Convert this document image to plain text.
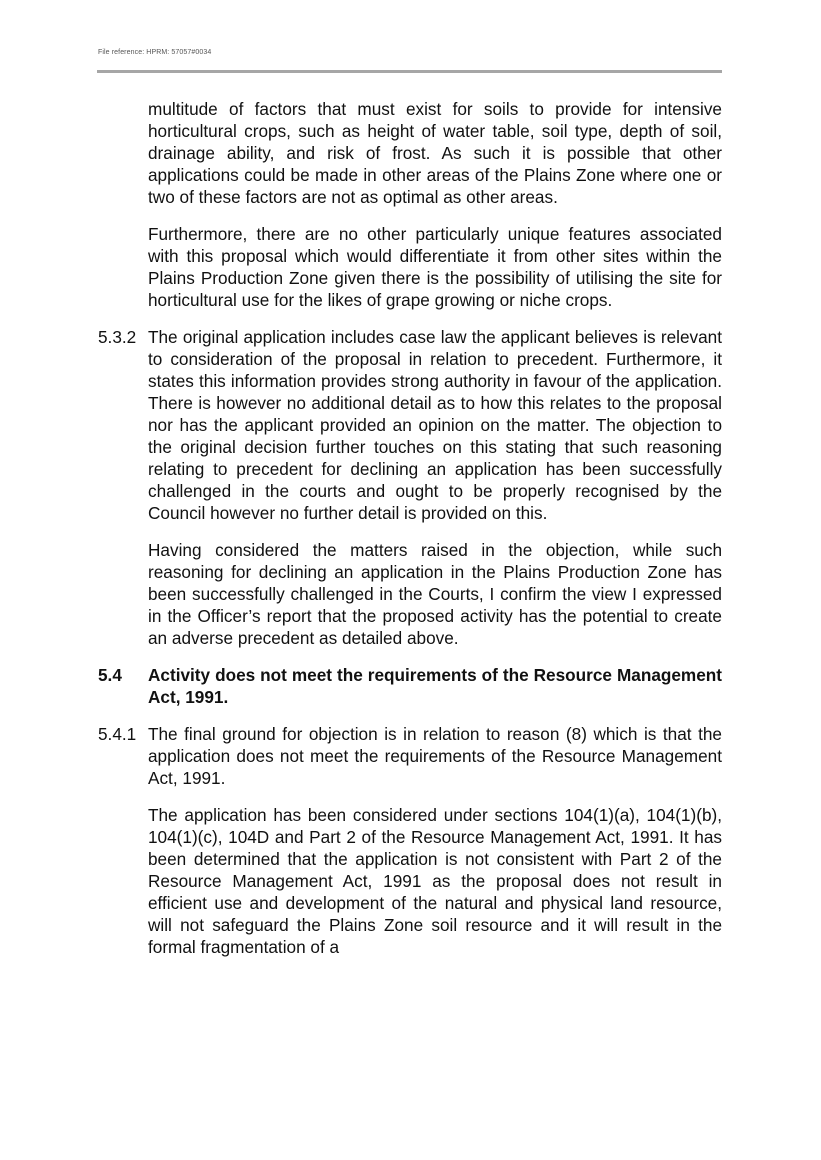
File reference: HPRM: 57057#0034

multitude of factors that must exist for soils to provide for intensive horticultural crops, such as height of water table, soil type, depth of soil, drainage ability, and risk of frost. As such it is possible that other applications could be made in other areas of the Plains Zone where one or two of these factors are not as optimal as other areas.

Furthermore, there are no other particularly unique features associated with this proposal which would differentiate it from other sites within the Plains Production Zone given there is the possibility of utilising the site for horticultural use for the likes of grape growing or niche crops.

5.3.2 The original application includes case law the applicant believes is relevant to consideration of the proposal in relation to precedent. Furthermore, it states this information provides strong authority in favour of the application. There is however no additional detail as to how this relates to the proposal nor has the applicant provided an opinion on the matter. The objection to the original decision further touches on this stating that such reasoning relating to precedent for declining an application has been successfully challenged in the courts and ought to be properly recognised by the Council however no further detail is provided on this.

Having considered the matters raised in the objection, while such reasoning for declining an application in the Plains Production Zone has been successfully challenged in the Courts, I confirm the view I expressed in the Officer’s report that the proposed activity has the potential to create an adverse precedent as detailed above.

5.4 Activity does not meet the requirements of the Resource Management Act, 1991.
5.4.1 The final ground for objection is in relation to reason (8) which is that the application does not meet the requirements of the Resource Management Act, 1991.

The application has been considered under sections 104(1)(a), 104(1)(b), 104(1)(c), 104D and Part 2 of the Resource Management Act, 1991. It has been determined that the application is not consistent with Part 2 of the Resource Management Act, 1991 as the proposal does not result in efficient use and development of the natural and physical land resource, will not safeguard the Plains Zone soil resource and it will result in the formal fragmentation of a
